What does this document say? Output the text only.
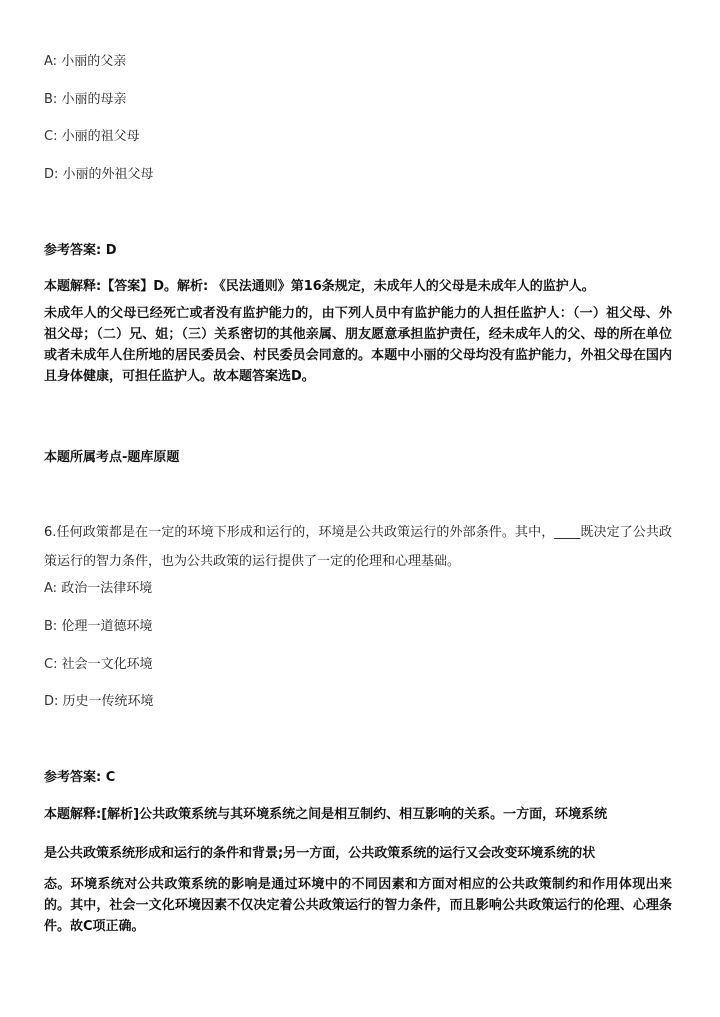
A: 小丽的父亲
B: 小丽的母亲
C: 小丽的祖父母
D: 小丽的外祖父母
参考答案: D
本题解释:【答案】D。解析: 《民法通则》第16条规定，未成年人的父母是未成年人的监护人。
未成年人的父母已经死亡或者没有监护能力的，由下列人员中有监护能力的人担任监护人：（一）祖父母、外祖父母；（二）兄、姐；（三）关系密切的其他亲属、朋友愿意承担监护责任，经未成年人的父、母的所在单位或者未成年人住所地的居民委员会、村民委员会同意的。本题中小丽的父母均没有监护能力，外祖父母在国内且身体健康，可担任监护人。故本题答案选D。
本题所属考点-题库原题
6.任何政策都是在一定的环境下形成和运行的，环境是公共政策运行的外部条件。其中，____既决定了公共政策运行的智力条件，也为公共政策的运行提供了一定的伦理和心理基础。
A: 政治一法律环境
B: 伦理一道德环境
C: 社会一文化环境
D: 历史一传统环境
参考答案: C
本题解释:[解析]公共政策系统与其环境系统之间是相互制约、相互影响的关系。一方面，环境系统
是公共政策系统形成和运行的条件和背景;另一方面，公共政策系统的运行又会改变环境系统的状
态。环境系统对公共政策系统的影响是通过环境中的不同因素和方面对相应的公共政策制约和作用体现出来的。其中，社会一文化环境因素不仅决定着公共政策运行的智力条件，而且影响公共政策运行的伦理、心理条件。故C项正确。
